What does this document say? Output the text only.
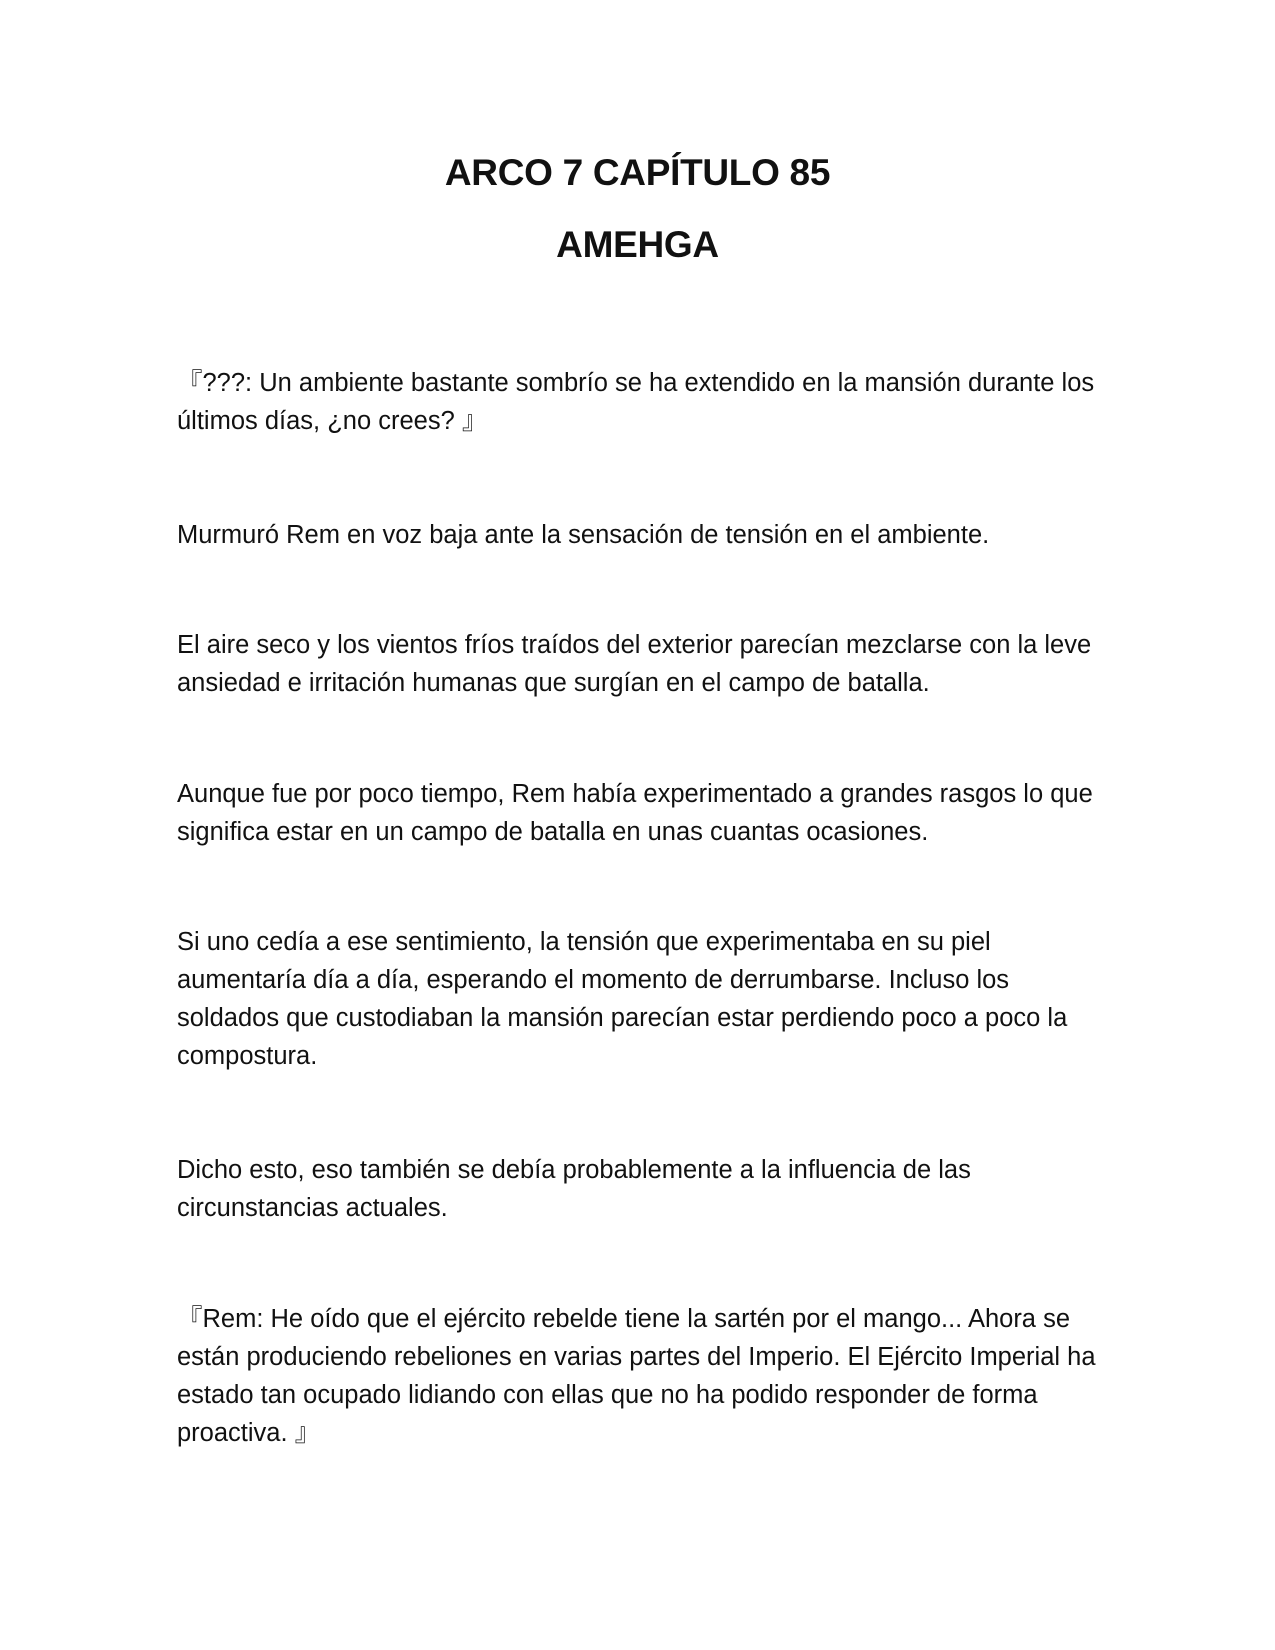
ARCO 7 CAPÍTULO 85
AMEHGA

『???: Un ambiente bastante sombrío se ha extendido en la mansión durante los últimos días, ¿no crees? 』

Murmuró Rem en voz baja ante la sensación de tensión en el ambiente.

El aire seco y los vientos fríos traídos del exterior parecían mezclarse con la leve ansiedad e irritación humanas que surgían en el campo de batalla.

Aunque fue por poco tiempo, Rem había experimentado a grandes rasgos lo que significa estar en un campo de batalla en unas cuantas ocasiones.

Si uno cedía a ese sentimiento, la tensión que experimentaba en su piel aumentaría día a día, esperando el momento de derrumbarse. Incluso los soldados que custodiaban la mansión parecían estar perdiendo poco a poco la compostura.

Dicho esto, eso también se debía probablemente a la influencia de las circunstancias actuales.

『Rem: He oído que el ejército rebelde tiene la sartén por el mango... Ahora se están produciendo rebeliones en varias partes del Imperio. El Ejército Imperial ha estado tan ocupado lidiando con ellas que no ha podido responder de forma proactiva. 』
